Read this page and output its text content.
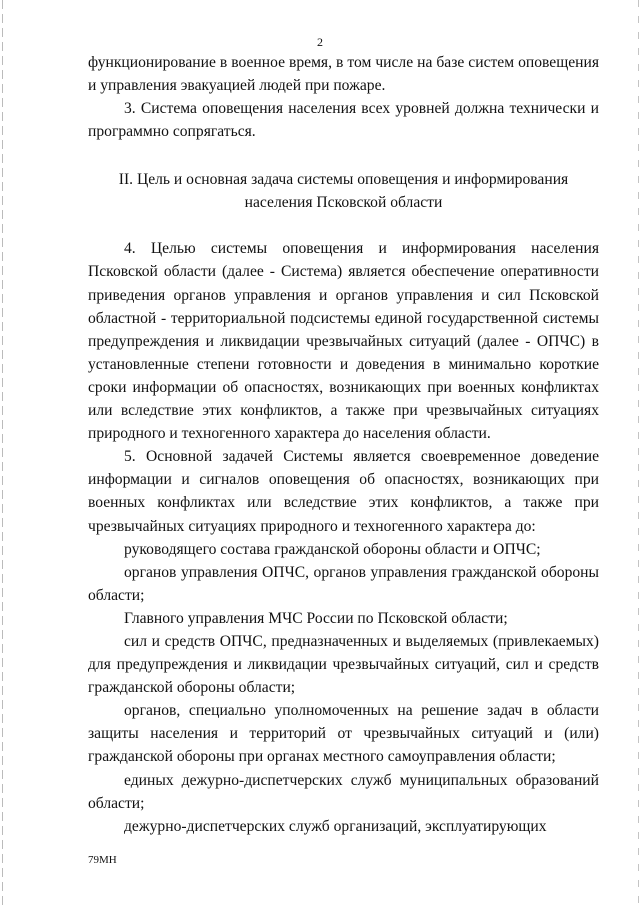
2

функционирование в военное время, в том числе на базе систем оповещения и управления эвакуацией людей при пожаре.

3. Система оповещения населения всех уровней должна технически и программно сопрягаться.

II. Цель и основная задача системы оповещения и информирования населения Псковской области

4. Целью системы оповещения и информирования населения Псковской области (далее - Система) является обеспечение оперативности приведения органов управления и органов управления и сил Псковской областной - территориальной подсистемы единой государственной системы предупреждения и ликвидации чрезвычайных ситуаций (далее - ОПЧС) в установленные степени готовности и доведения в минимально короткие сроки информации об опасностях, возникающих при военных конфликтах или вследствие этих конфликтов, а также при чрезвычайных ситуациях природного и техногенного характера до населения области.

5. Основной задачей Системы является своевременное доведение информации и сигналов оповещения об опасностях, возникающих при военных конфликтах или вследствие этих конфликтов, а также при чрезвычайных ситуациях природного и техногенного характера до:

руководящего состава гражданской обороны области и ОПЧС;

органов управления ОПЧС, органов управления гражданской обороны области;

Главного управления МЧС России по Псковской области;

сил и средств ОПЧС, предназначенных и выделяемых (привлекаемых) для предупреждения и ликвидации чрезвычайных ситуаций, сил и средств гражданской обороны области;

органов, специально уполномоченных на решение задач в области защиты населения и территорий от чрезвычайных ситуаций и (или) гражданской обороны при органах местного самоуправления области;

единых дежурно-диспетчерских служб муниципальных образований области;

дежурно-диспетчерских служб организаций, эксплуатирующих

79МН
